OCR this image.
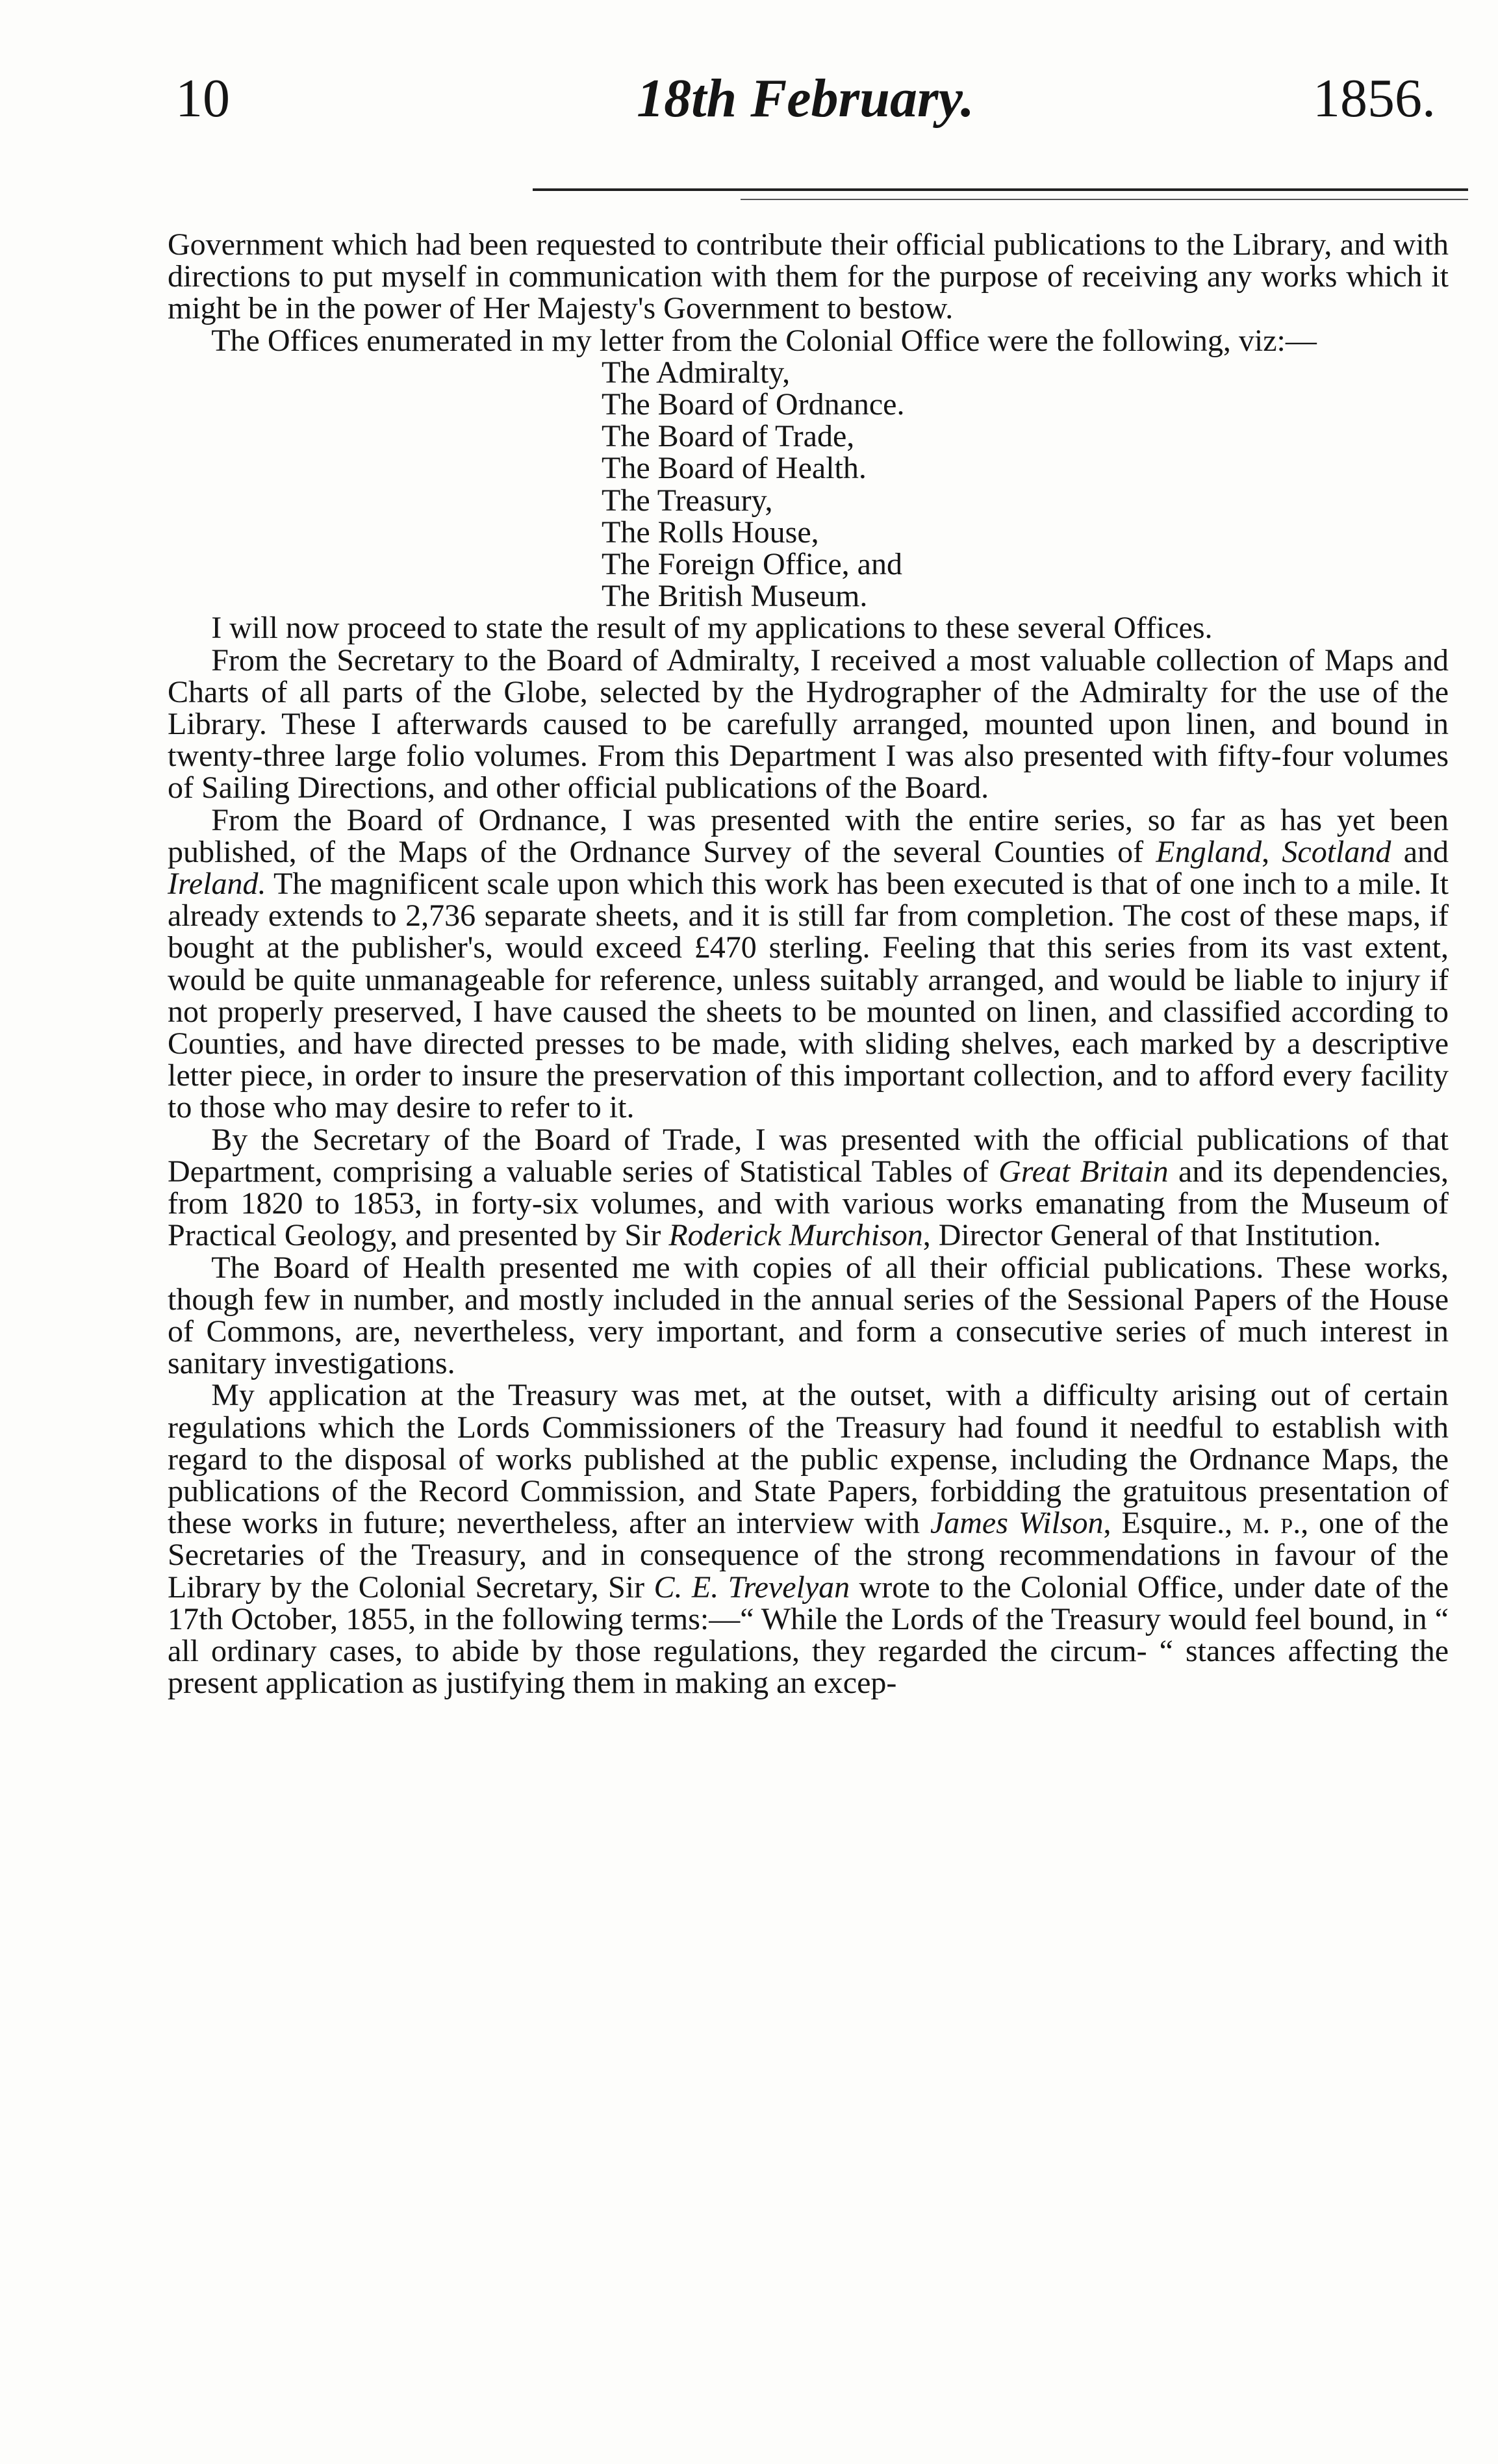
10	18th February.	1856.

Government which had been requested to contribute their official publications to the Library, and with directions to put myself in communication with them for the purpose of receiving any works which it might be in the power of Her Majesty's Government to bestow.

The Offices enumerated in my letter from the Colonial Office were the following, viz:—

The Admiralty,
The Board of Ordnance.
The Board of Trade,
The Board of Health.
The Treasury,
The Rolls House,
The Foreign Office, and
The British Museum.

I will now proceed to state the result of my applications to these several Offices.

From the Secretary to the Board of Admiralty, I received a most valuable collection of Maps and Charts of all parts of the Globe, selected by the Hydrographer of the Admiralty for the use of the Library. These I afterwards caused to be carefully arranged, mounted upon linen, and bound in twenty-three large folio volumes. From this Department I was also presented with fifty-four volumes of Sailing Directions, and other official publications of the Board.

From the Board of Ordnance, I was presented with the entire series, so far as has yet been published, of the Maps of the Ordnance Survey of the several Counties of England, Scotland and Ireland. The magnificent scale upon which this work has been executed is that of one inch to a mile. It already extends to 2,736 separate sheets, and it is still far from completion. The cost of these maps, if bought at the publisher's, would exceed £470 sterling. Feeling that this series from its vast extent, would be quite unmanageable for reference, unless suitably arranged, and would be liable to injury if not properly preserved, I have caused the sheets to be mounted on linen, and classified according to Counties, and have directed presses to be made, with sliding shelves, each marked by a descriptive letter piece, in order to insure the preservation of this important collection, and to afford every facility to those who may desire to refer to it.

By the Secretary of the Board of Trade, I was presented with the official publications of that Department, comprising a valuable series of Statistical Tables of Great Britain and its dependencies, from 1820 to 1853, in forty-six volumes, and with various works emanating from the Museum of Practical Geology, and presented by Sir Roderick Murchison, Director General of that Institution.

The Board of Health presented me with copies of all their official publications. These works, though few in number, and mostly included in the annual series of the Sessional Papers of the House of Commons, are, nevertheless, very important, and form a consecutive series of much interest in sanitary investigations.

My application at the Treasury was met, at the outset, with a difficulty arising out of certain regulations which the Lords Commissioners of the Treasury had found it needful to establish with regard to the disposal of works published at the public expense, including the Ordnance Maps, the publications of the Record Commission, and State Papers, forbidding the gratuitous presentation of these works in future; nevertheless, after an interview with James Wilson, Esquire., m. p., one of the Secretaries of the Treasury, and in consequence of the strong recommendations in favour of the Library by the Colonial Secretary, Sir C. E. Trevelyan wrote to the Colonial Office, under date of the 17th October, 1855, in the following terms:—“ While the Lords of the Treasury would feel bound, in “ all ordinary cases, to abide by those regulations, they regarded the circum- “ stances affecting the present application as justifying them in making an excep-
